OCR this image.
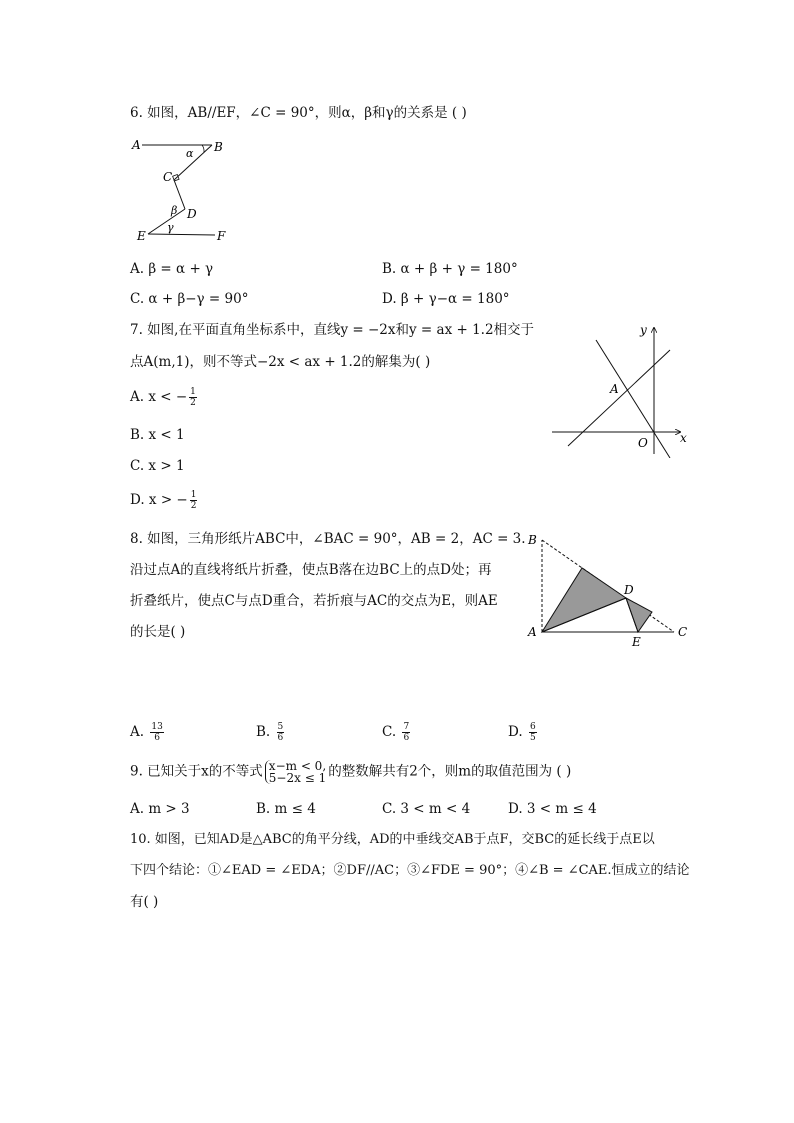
6. 如图，AB//EF，∠C = 90°，则α，β和γ的关系是 ( )
A	B
α
C
β D
γ
E	F
A. β = α + γ	B. α + β + γ = 180°
C. α + β−γ = 90°	D. β + γ−α = 180°
7. 如图,在平面直角坐标系中，直线y = −2x和y = ax + 1.2相交于
点A(m,1)，则不等式−2x < ax + 1.2的解集为( )
A. x < − $\frac{1}{2}$
B. x < 1
C. x > 1
D. x > − $\frac{1}{2}$
y
x
O
A
8. 如图，三角形纸片ABC中，∠BAC = 90°，AB = 2，AC = 3.
沿过点A的直线将纸片折叠，使点B落在边BC上的点D处；再
折叠纸片，使点C与点D重合，若折痕与AC的交点为E，则AE
的长是( )
B
D
A
E
C
A. $\frac{13}{6}$	B. $\frac{5}{6}$	C. $\frac{7}{6}$	D. $\frac{6}{5}$
9. 已知关于x的不等式 x−m < 0,
5−2x ≤ 1 的整数解共有2个，则m的取值范围为 ( )
A. m > 3	B. m ≤ 4	C. 3 < m < 4	D. 3 < m ≤ 4
10. 如图，已知AD是△ABC的角平分线，AD的中垂线交AB于点F，交BC的延长线于点E以
下四个结论：①∠EAD = ∠EDA；②DF//AC；③∠FDE = 90°；④∠B = ∠CAE.恒成立的结论
有( )
